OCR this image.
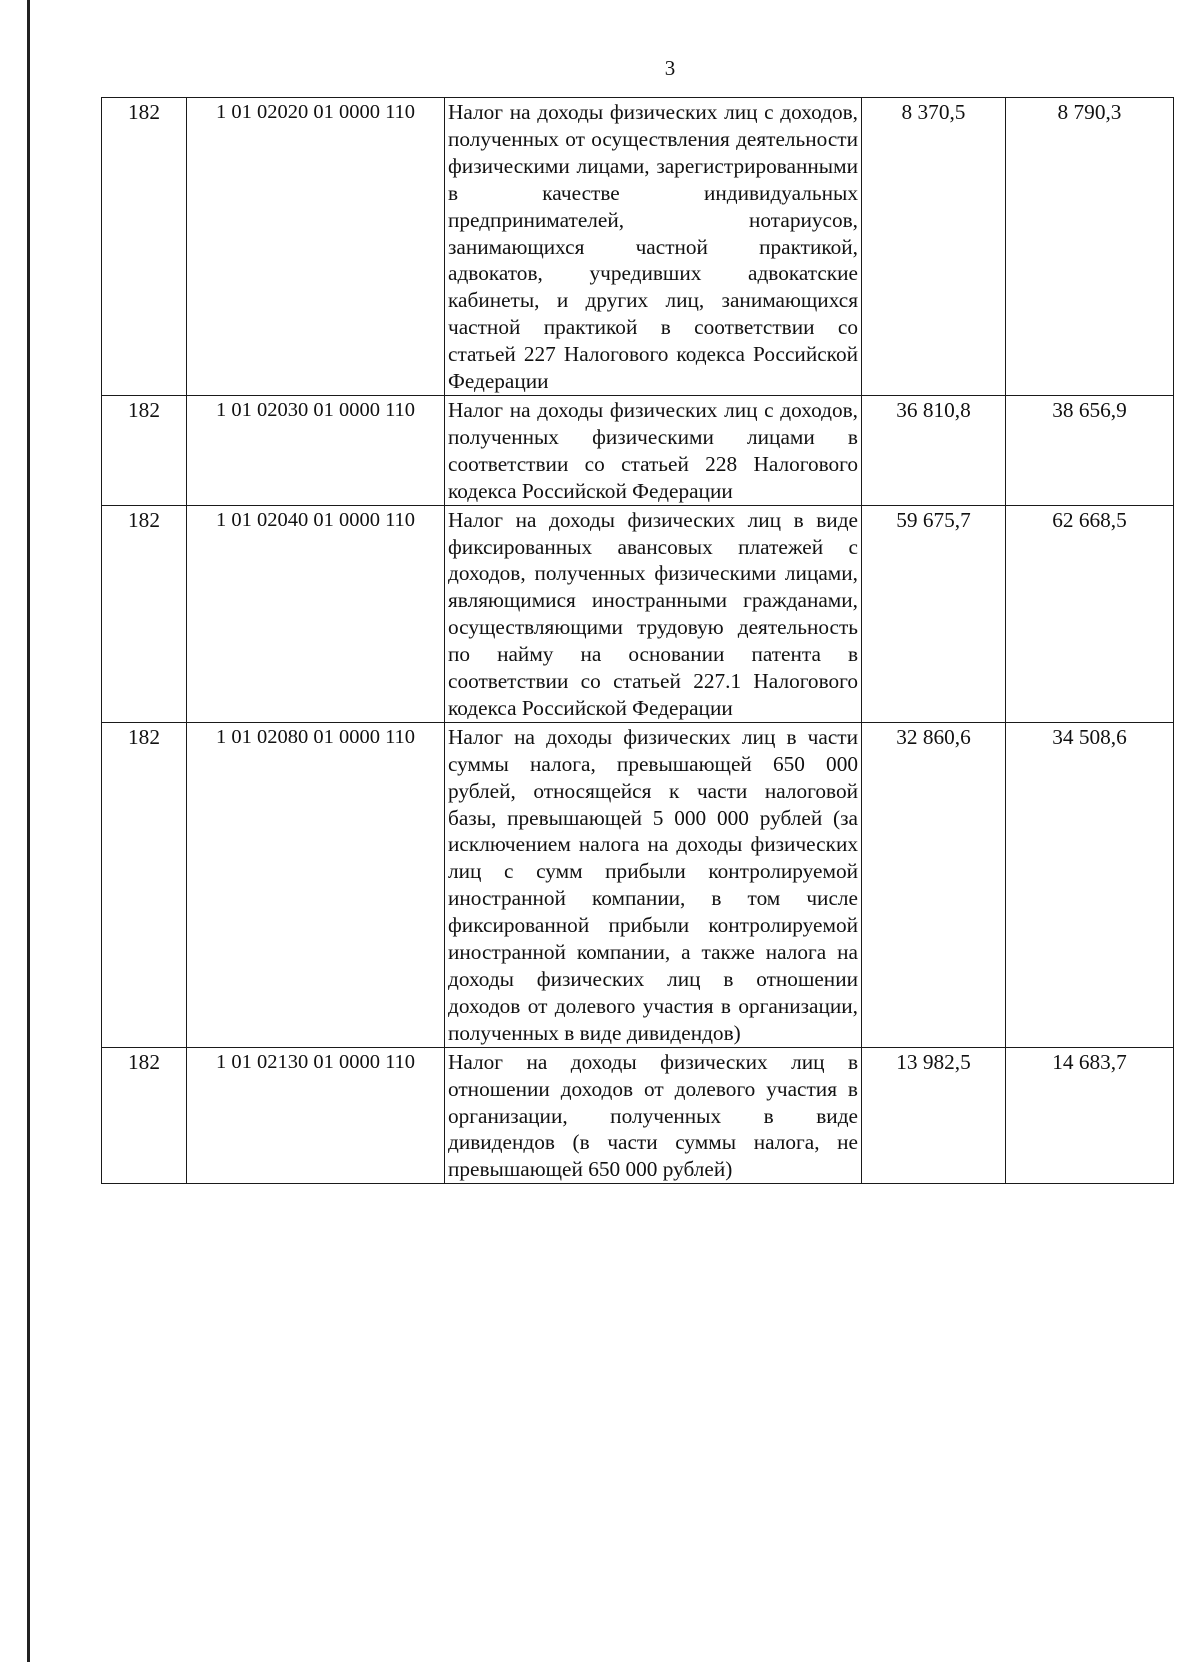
3
182	1 01 02020 01 0000 110	Налог на доходы физических лиц с доходов, полученных от осуществления деятельности физическими лицами, зарегистрированными в качестве индивидуальных предпринимателей, нотариусов, занимающихся частной практикой, адвокатов, учредивших адвокатские кабинеты, и других лиц, занимающихся частной практикой в соответствии со статьей 227 Налогового кодекса Российской Федерации	8 370,5	8 790,3
182	1 01 02030 01 0000 110	Налог на доходы физических лиц с доходов, полученных физическими лицами в соответствии со статьей 228 Налогового кодекса Российской Федерации	36 810,8	38 656,9
182	1 01 02040 01 0000 110	Налог на доходы физических лиц в виде фиксированных авансовых платежей с доходов, полученных физическими лицами, являющимися иностранными гражданами, осуществляющими трудовую деятельность по найму на основании патента в соответствии со статьей 227.1 Налогового кодекса Российской Федерации	59 675,7	62 668,5
182	1 01 02080 01 0000 110	Налог на доходы физических лиц в части суммы налога, превышающей 650 000 рублей, относящейся к части налоговой базы, превышающей 5 000 000 рублей (за исключением налога на доходы физических лиц с сумм прибыли контролируемой иностранной компании, в том числе фиксированной прибыли контролируемой иностранной компании, а также налога на доходы физических лиц в отношении доходов от долевого участия в организации, полученных в виде дивидендов)	32 860,6	34 508,6
182	1 01 02130 01 0000 110	Налог на доходы физических лиц в отношении доходов от долевого участия в организации, полученных в виде дивидендов (в части суммы налога, не превышающей 650 000 рублей)	13 982,5	14 683,7
